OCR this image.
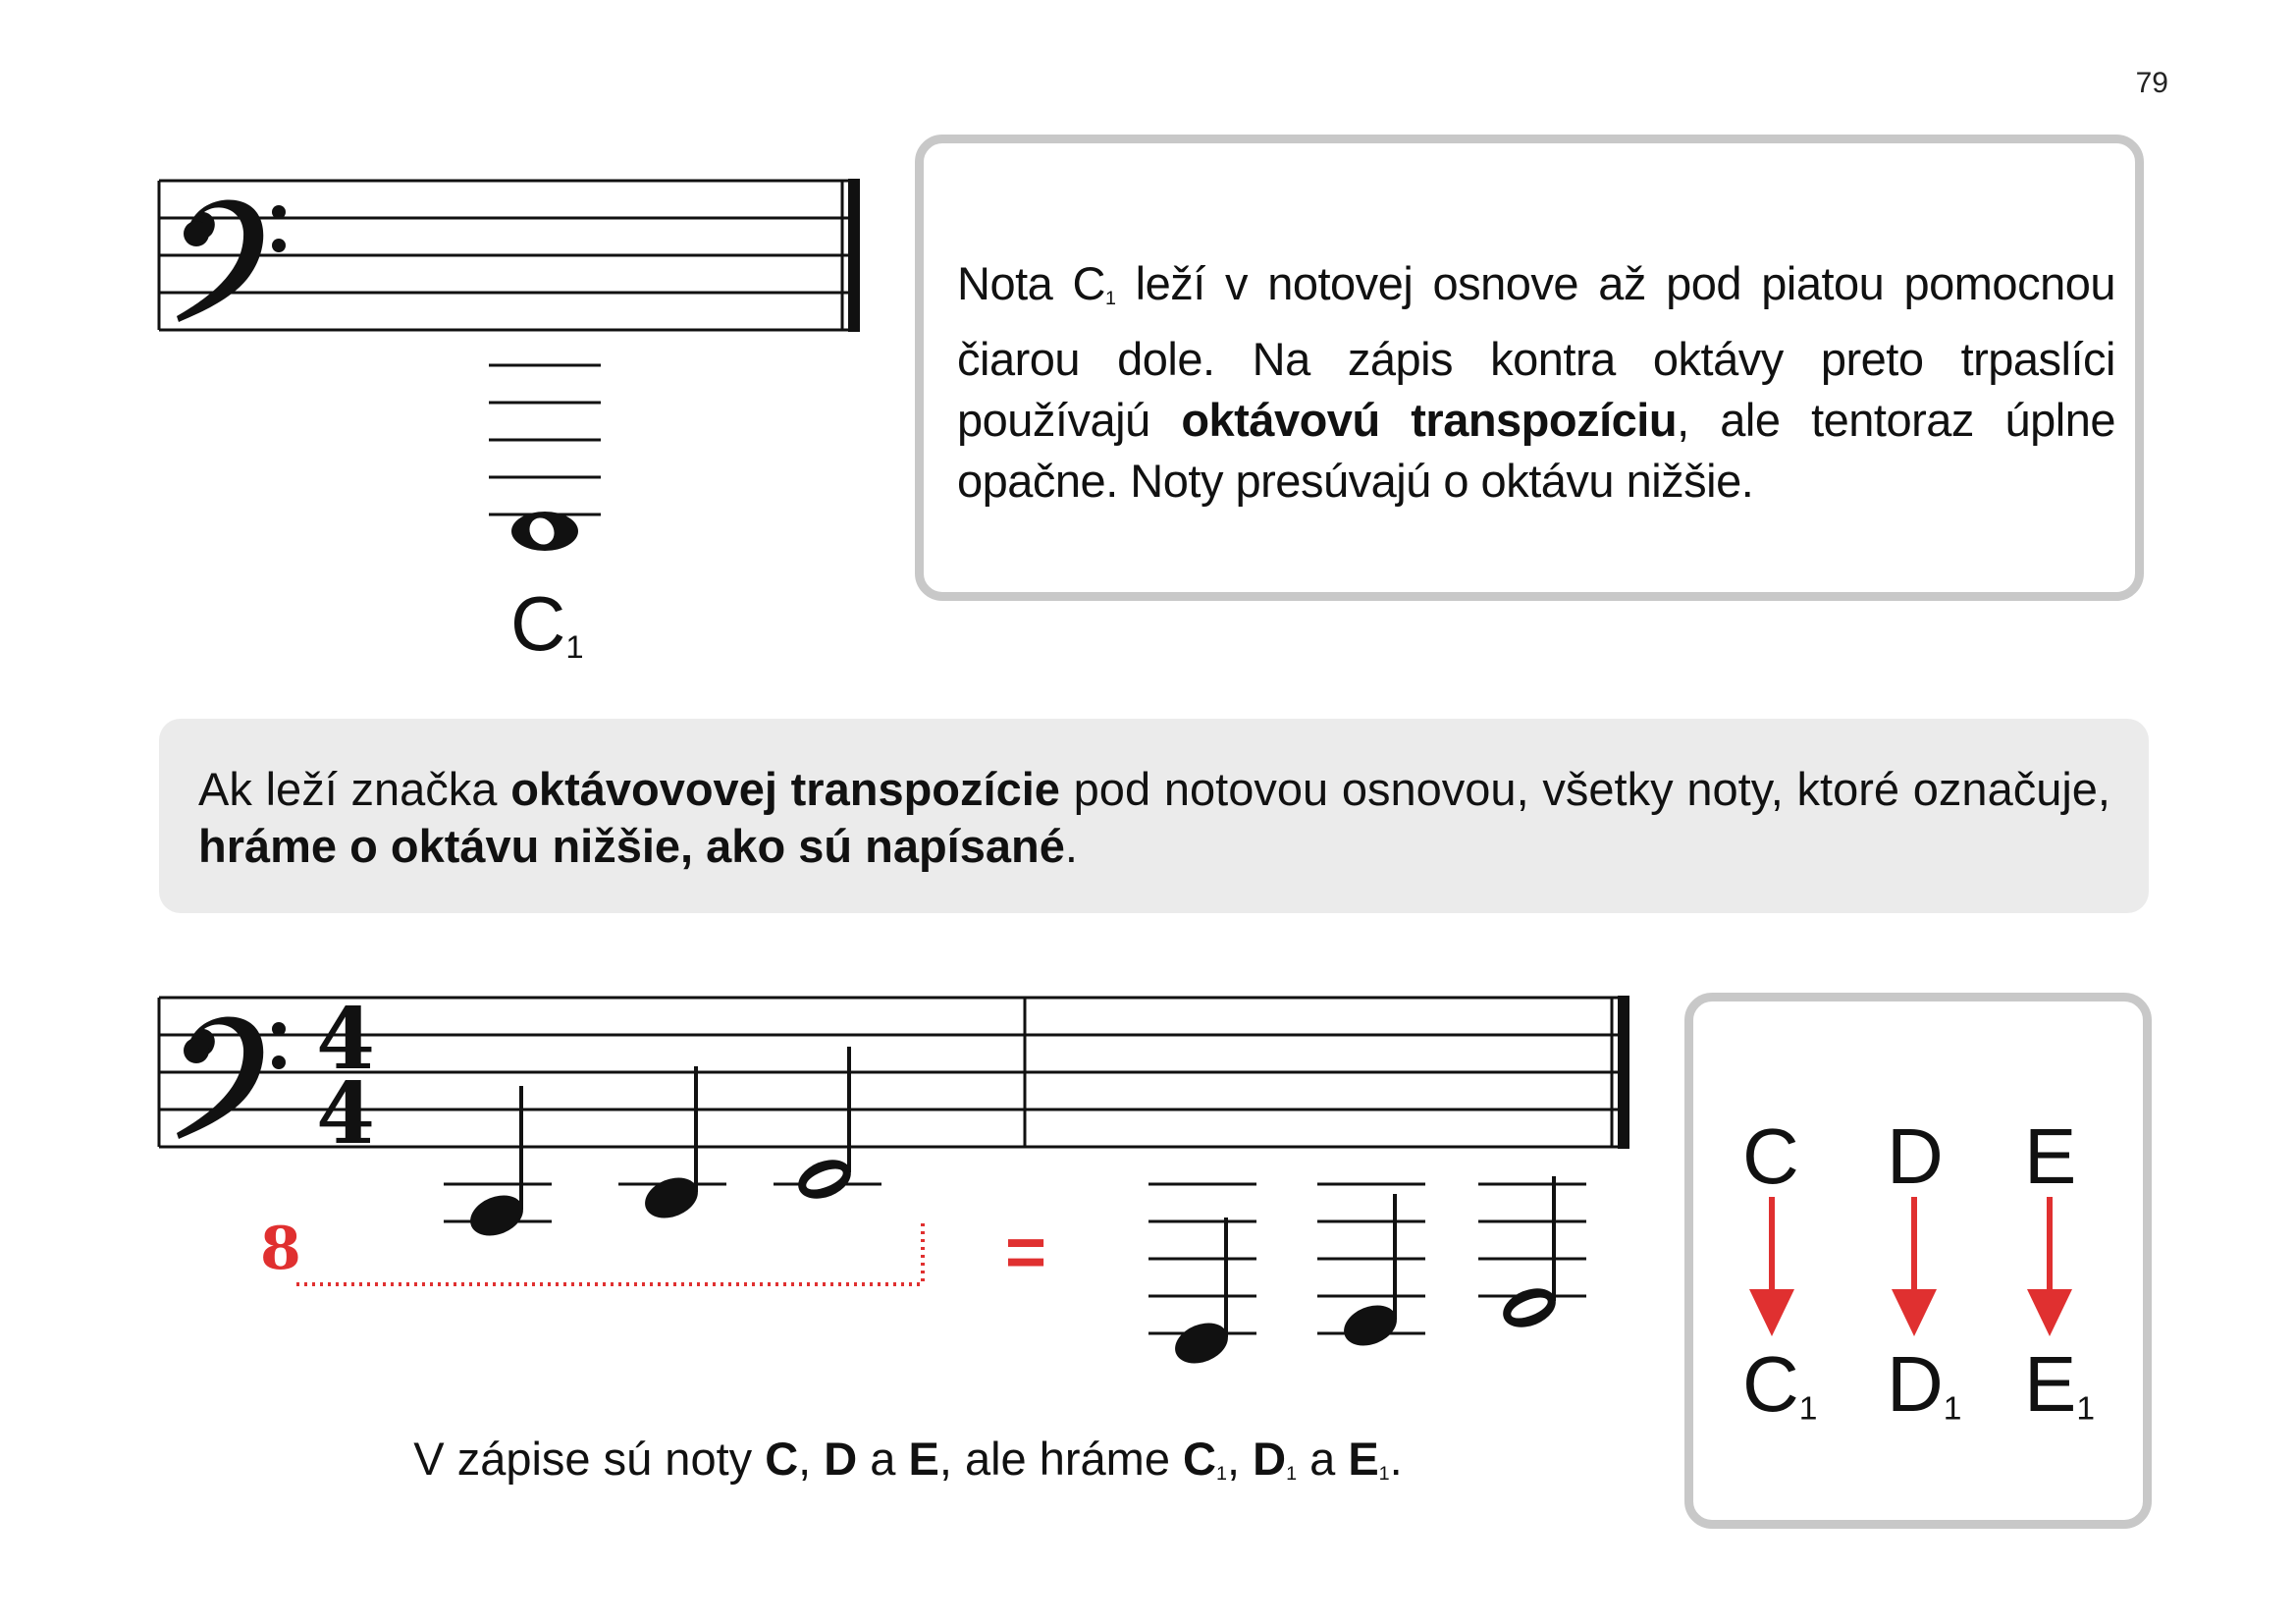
79
$C_1$
Nota $C_1$ leží v notovej osnove až pod piatou pomocnou čiarou dole. Na zápis kontra oktávy preto trpaslíci používajú oktávovú transpozíciu, ale tentoraz úplne opačne. Noty presúvajú o oktávu nižšie.
Ak leží značka oktávovovej transpozície pod notovou osnovou, všetky noty, ktoré označuje, hráme o oktávu nižšie, ako sú napísané.
4
4
8	=
V zápise sú noty C, D a E, ale hráme $C_1$, $D_1$ a $E_1$.
C D E
$C_1$ $D_1$ $E_1$
